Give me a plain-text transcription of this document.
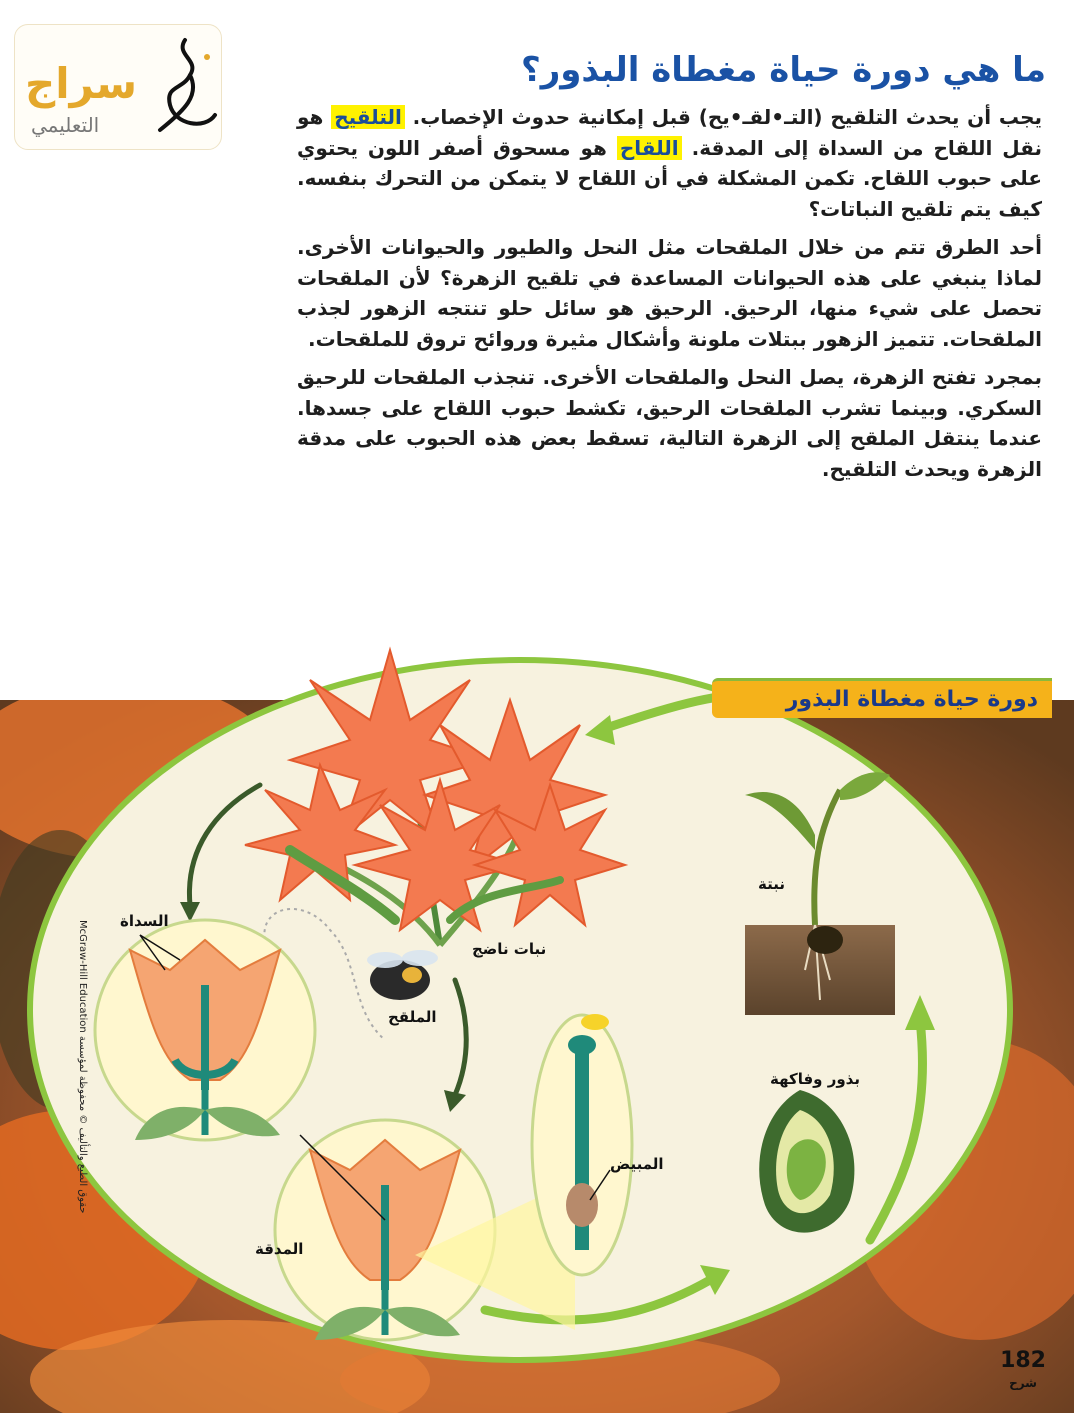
سراج
التعليمي
ما هي دورة حياة مغطاة البذور؟

يجب أن يحدث التلقيح (التـ•لقـ•يح) قبل إمكانية حدوث الإخصاب. التلقيح هو نقل اللقاح من السداة إلى المدقة. اللقاح هو مسحوق أصفر اللون يحتوي على حبوب اللقاح. تكمن المشكلة في أن اللقاح لا يتمكن من التحرك بنفسه. كيف يتم تلقيح النباتات؟

أحد الطرق تتم من خلال الملقحات مثل النحل والطيور والحيوانات الأخرى. لماذا ينبغي على هذه الحيوانات المساعدة في تلقيح الزهرة؟ لأن الملقحات تحصل على شيء منها، الرحيق. الرحيق هو سائل حلو تنتجه الزهور لجذب الملقحات. تتميز الزهور ببتلات ملونة وأشكال مثيرة وروائح تروق للملقحات.

بمجرد تفتح الزهرة، يصل النحل والملقحات الأخرى. تنجذب الملقحات للرحيق السكري. وبينما تشرب الملقحات الرحيق، تكشط حبوب اللقاح على جسدها. عندما ينتقل الملقح إلى الزهرة التالية، تسقط بعض هذه الحبوب على مدقة الزهرة ويحدث التلقيح.

دورة حياة مغطاة البذور
السداة
نبات ناضج
الملقح
المبيض
المدقة
نبتة
بذور وفاكهة
McGraw-Hill Education حقوق الطبع والتأليف © محفوظة لمؤسسة
182
شرح
